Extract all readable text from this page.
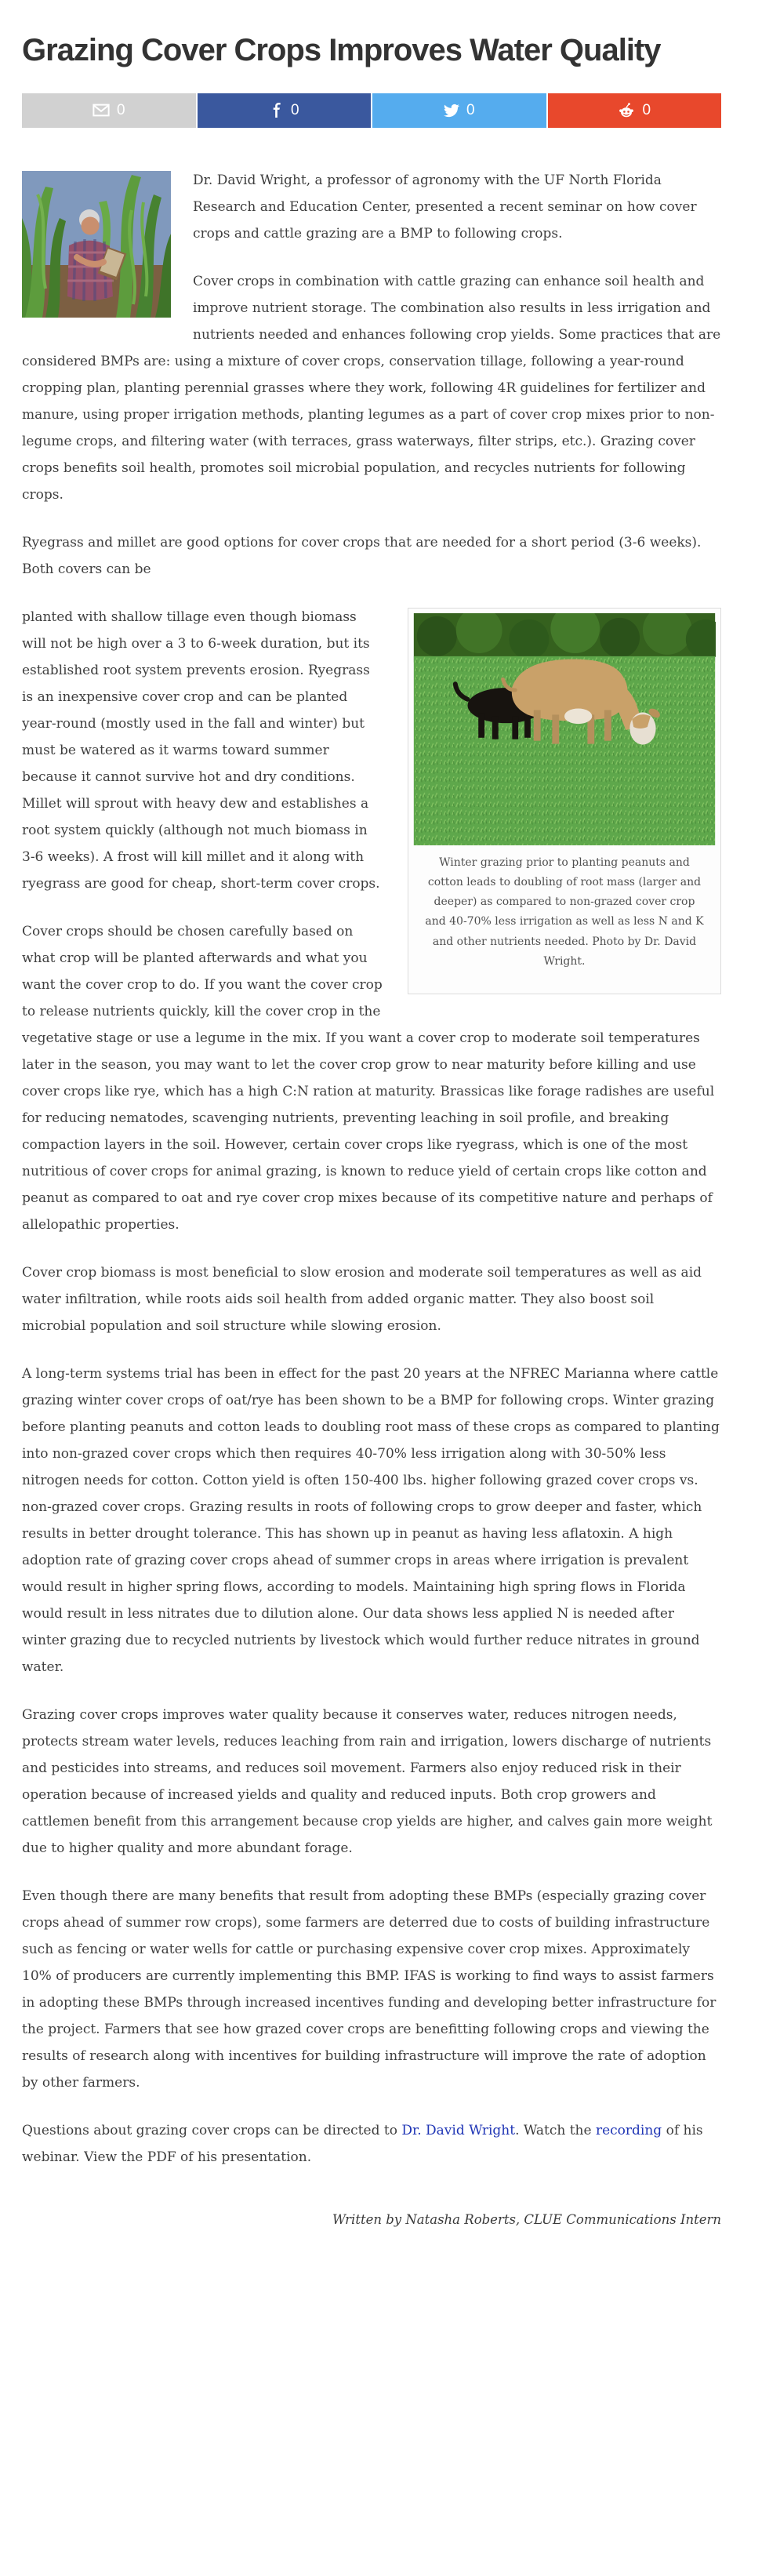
Grazing Cover Crops Improves Water Quality
0	0	0	0

Dr. David Wright, a professor of agronomy with the UF North Florida Research and Education Center, presented a recent seminar on how cover crops and cattle grazing are a BMP to following crops.

Cover crops in combination with cattle grazing can enhance soil health and improve nutrient storage. The combination also results in less irrigation and nutrients needed and enhances following crop yields. Some practices that are considered BMPs are: using a mixture of cover crops, conservation tillage, following a year-round cropping plan, planting perennial grasses where they work, following 4R guidelines for fertilizer and manure, using proper irrigation methods, planting legumes as a part of cover crop mixes prior to non-legume crops, and filtering water (with terraces, grass waterways, filter strips, etc.). Grazing cover crops benefits soil health, promotes soil microbial population, and recycles nutrients for following crops.

Ryegrass and millet are good options for cover crops that are needed for a short period (3-6 weeks). Both covers can be

Winter grazing prior to planting peanuts and cotton leads to doubling of root mass (larger and deeper) as compared to non-grazed cover crop and 40-70% less irrigation as well as less N and K and other nutrients needed. Photo by Dr. David Wright.

planted with shallow tillage even though biomass will not be high over a 3 to 6-week duration, but its established root system prevents erosion. Ryegrass is an inexpensive cover crop and can be planted year-round (mostly used in the fall and winter) but must be watered as it warms toward summer because it cannot survive hot and dry conditions. Millet will sprout with heavy dew and establishes a root system quickly (although not much biomass in 3-6 weeks). A frost will kill millet and it along with ryegrass are good for cheap, short-term cover crops.

Cover crops should be chosen carefully based on what crop will be planted afterwards and what you want the cover crop to do. If you want the cover crop to release nutrients quickly, kill the cover crop in the vegetative stage or use a legume in the mix. If you want a cover crop to moderate soil temperatures later in the season, you may want to let the cover crop grow to near maturity before killing and use cover crops like rye, which has a high C:N ration at maturity. Brassicas like forage radishes are useful for reducing nematodes, scavenging nutrients, preventing leaching in soil profile, and breaking compaction layers in the soil. However, certain cover crops like ryegrass, which is one of the most nutritious of cover crops for animal grazing, is known to reduce yield of certain crops like cotton and peanut as compared to oat and rye cover crop mixes because of its competitive nature and perhaps of allelopathic properties.

Cover crop biomass is most beneficial to slow erosion and moderate soil temperatures as well as aid water infiltration, while roots aids soil health from added organic matter. They also boost soil microbial population and soil structure while slowing erosion.

A long-term systems trial has been in effect for the past 20 years at the NFREC Marianna where cattle grazing winter cover crops of oat/rye has been shown to be a BMP for following crops. Winter grazing before planting peanuts and cotton leads to doubling root mass of these crops as compared to planting into non-grazed cover crops which then requires 40-70% less irrigation along with 30-50% less nitrogen needs for cotton. Cotton yield is often 150-400 lbs. higher following grazed cover crops vs. non-grazed cover crops. Grazing results in roots of following crops to grow deeper and faster, which results in better drought tolerance. This has shown up in peanut as having less aflatoxin. A high adoption rate of grazing cover crops ahead of summer crops in areas where irrigation is prevalent would result in higher spring flows, according to models. Maintaining high spring flows in Florida would result in less nitrates due to dilution alone. Our data shows less applied N is needed after winter grazing due to recycled nutrients by livestock which would further reduce nitrates in ground water.

Grazing cover crops improves water quality because it conserves water, reduces nitrogen needs, protects stream water levels, reduces leaching from rain and irrigation, lowers discharge of nutrients and pesticides into streams, and reduces soil movement. Farmers also enjoy reduced risk in their operation because of increased yields and quality and reduced inputs. Both crop growers and cattlemen benefit from this arrangement because crop yields are higher, and calves gain more weight due to higher quality and more abundant forage.

Even though there are many benefits that result from adopting these BMPs (especially grazing cover crops ahead of summer row crops), some farmers are deterred due to costs of building infrastructure such as fencing or water wells for cattle or purchasing expensive cover crop mixes. Approximately 10% of producers are currently implementing this BMP. IFAS is working to find ways to assist farmers in adopting these BMPs through increased incentives funding and developing better infrastructure for the project. Farmers that see how grazed cover crops are benefitting following crops and viewing the results of research along with incentives for building infrastructure will improve the rate of adoption by other farmers.

Questions about grazing cover crops can be directed to Dr. David Wright. Watch the recording of his webinar. View the PDF of his presentation.

Written by Natasha Roberts, CLUE Communications Intern
